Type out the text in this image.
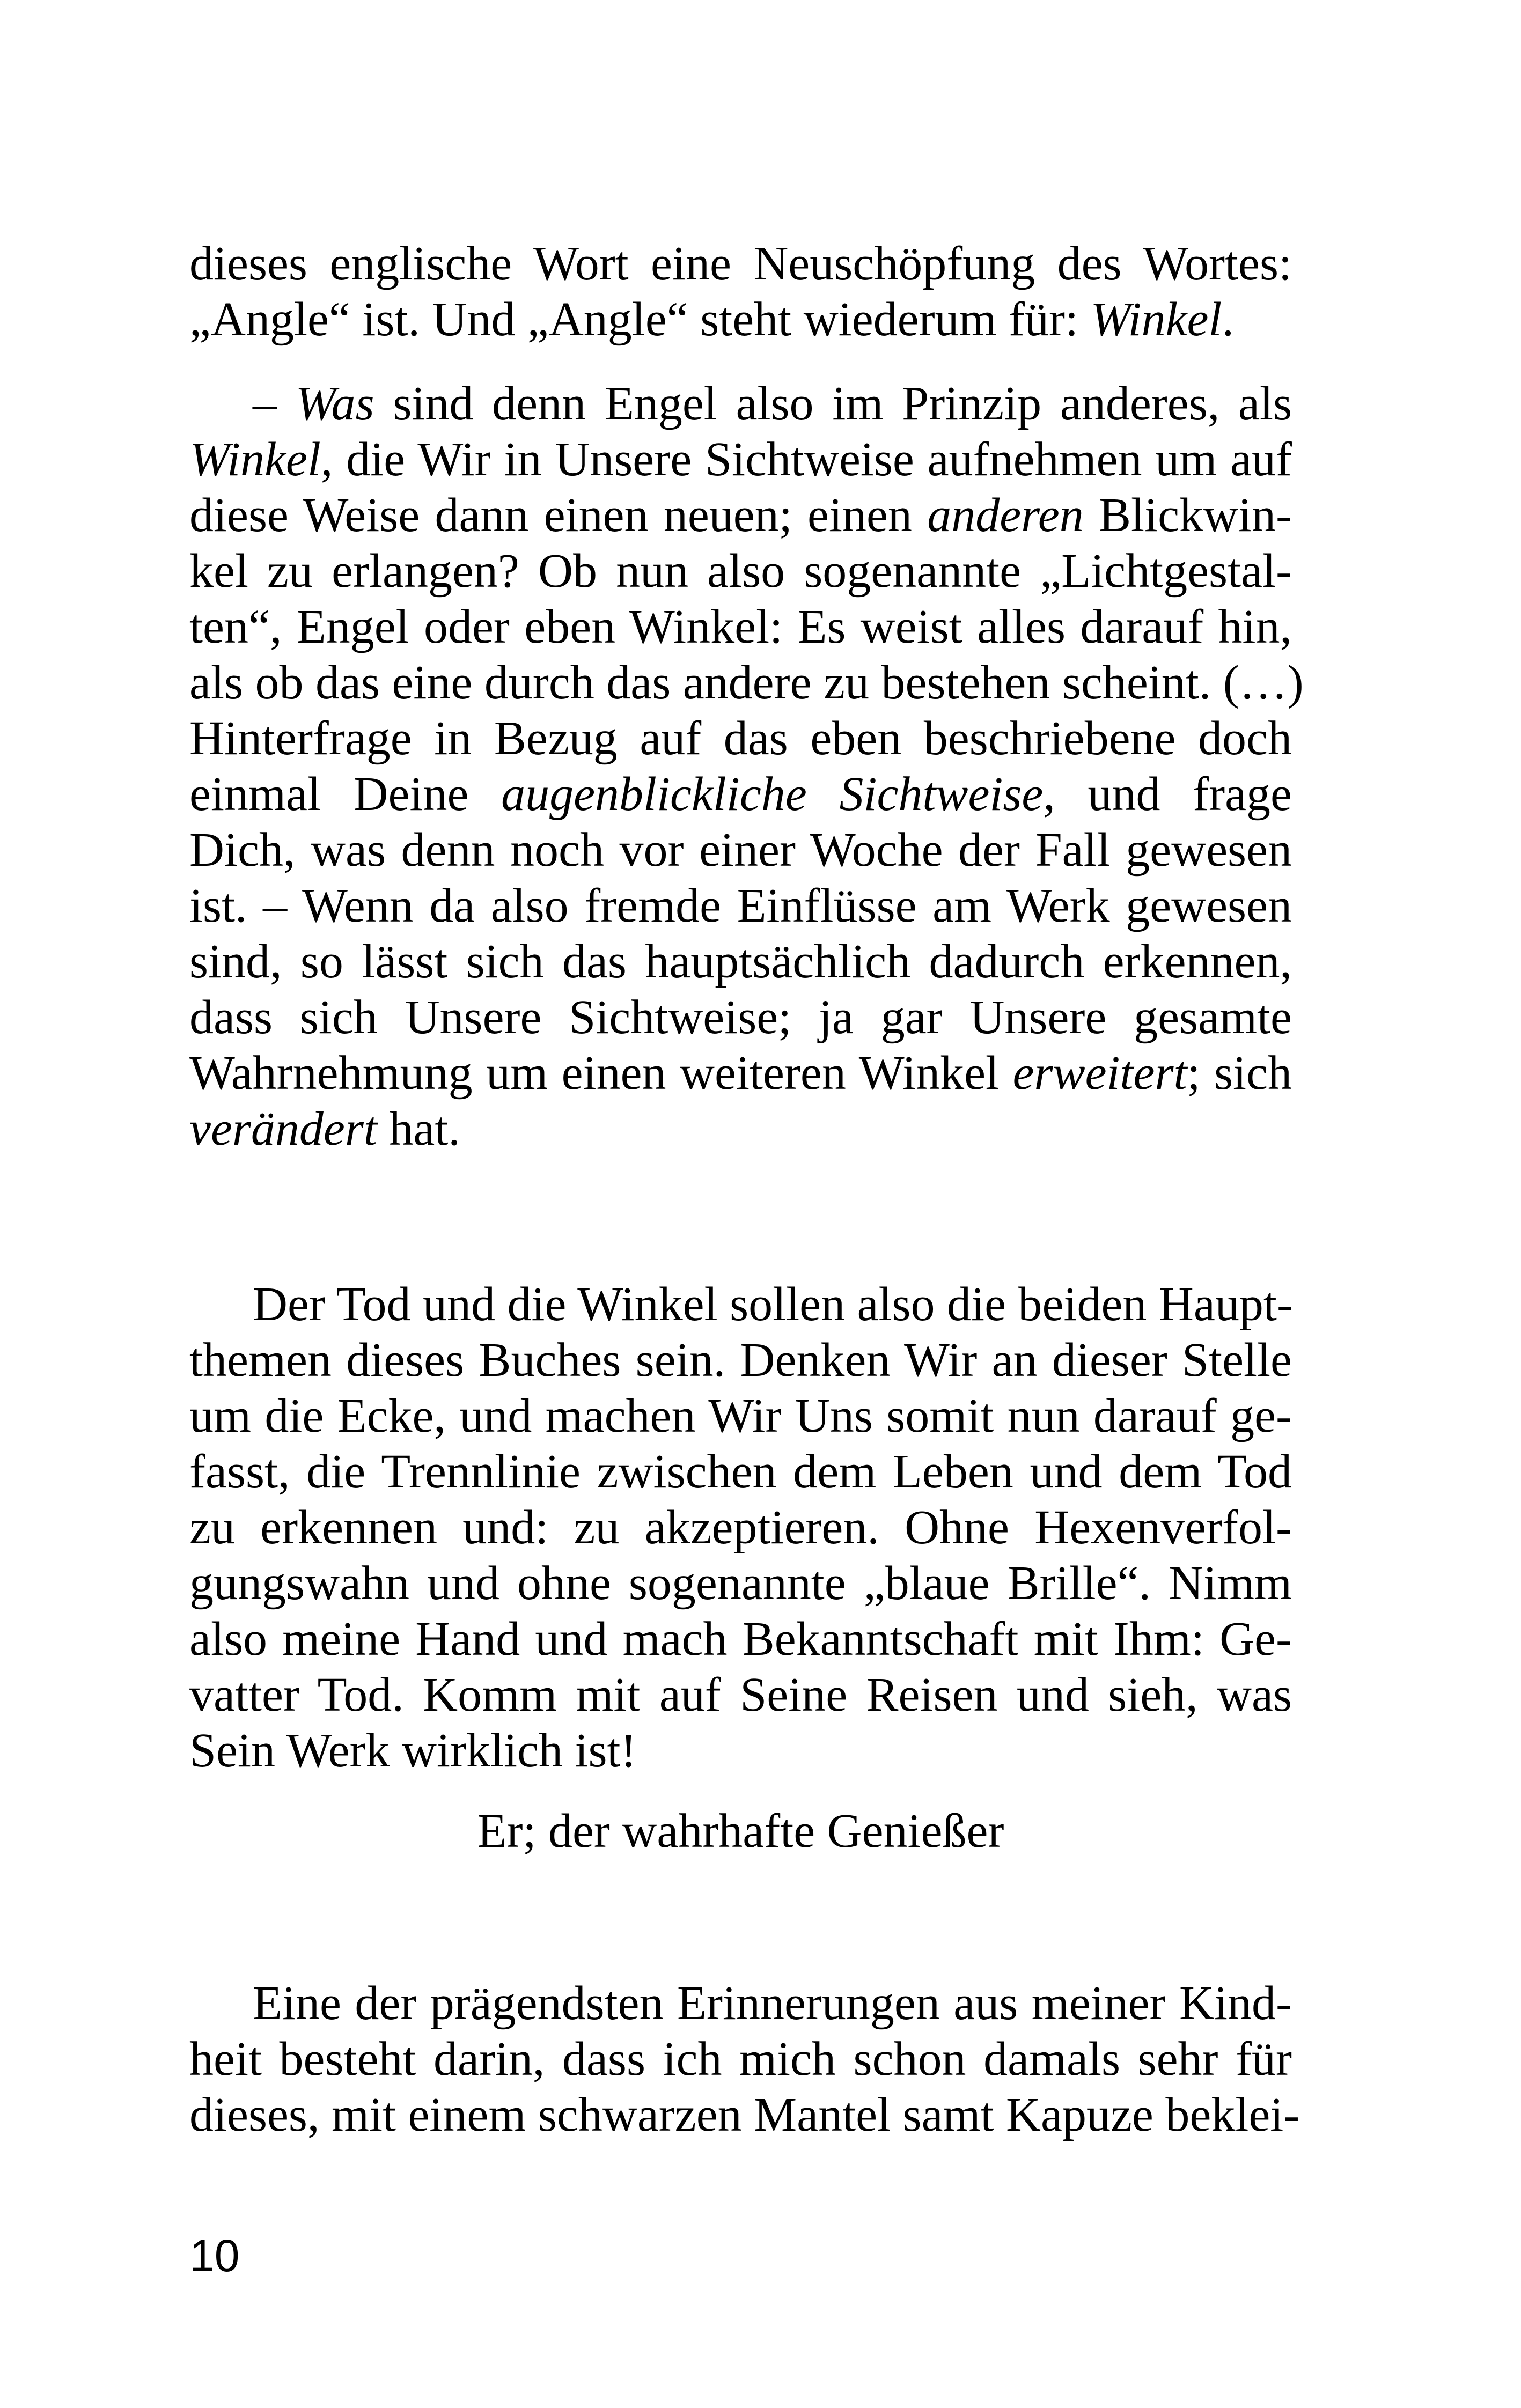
dieses englische Wort eine Neuschöpfung des Wortes:
„Angle“ ist. Und „Angle“ steht wiederum für: Winkel.
– Was sind denn Engel also im Prinzip anderes, als
Winkel, die Wir in Unsere Sichtweise aufnehmen um auf
diese Weise dann einen neuen; einen anderen Blickwin-
kel zu erlangen? Ob nun also sogenannte „Lichtgestal-
ten“, Engel oder eben Winkel: Es weist alles darauf hin,
als ob das eine durch das andere zu bestehen scheint. (…)
Hinterfrage in Bezug auf das eben beschriebene doch
einmal Deine augenblickliche Sichtweise, und frage
Dich, was denn noch vor einer Woche der Fall gewesen
ist. – Wenn da also fremde Einflüsse am Werk gewesen
sind, so lässt sich das hauptsächlich dadurch erkennen,
dass sich Unsere Sichtweise; ja gar Unsere gesamte
Wahrnehmung um einen weiteren Winkel erweitert; sich
verändert hat.
Der Tod und die Winkel sollen also die beiden Haupt-
themen dieses Buches sein. Denken Wir an dieser Stelle
um die Ecke, und machen Wir Uns somit nun darauf ge-
fasst, die Trennlinie zwischen dem Leben und dem Tod
zu erkennen und: zu akzeptieren. Ohne Hexenverfol-
gungswahn und ohne sogenannte „blaue Brille“. Nimm
also meine Hand und mach Bekanntschaft mit Ihm: Ge-
vatter Tod. Komm mit auf Seine Reisen und sieh, was
Sein Werk wirklich ist!
Er; der wahrhafte Genießer
Eine der prägendsten Erinnerungen aus meiner Kind-
heit besteht darin, dass ich mich schon damals sehr für
dieses, mit einem schwarzen Mantel samt Kapuze beklei-
10
